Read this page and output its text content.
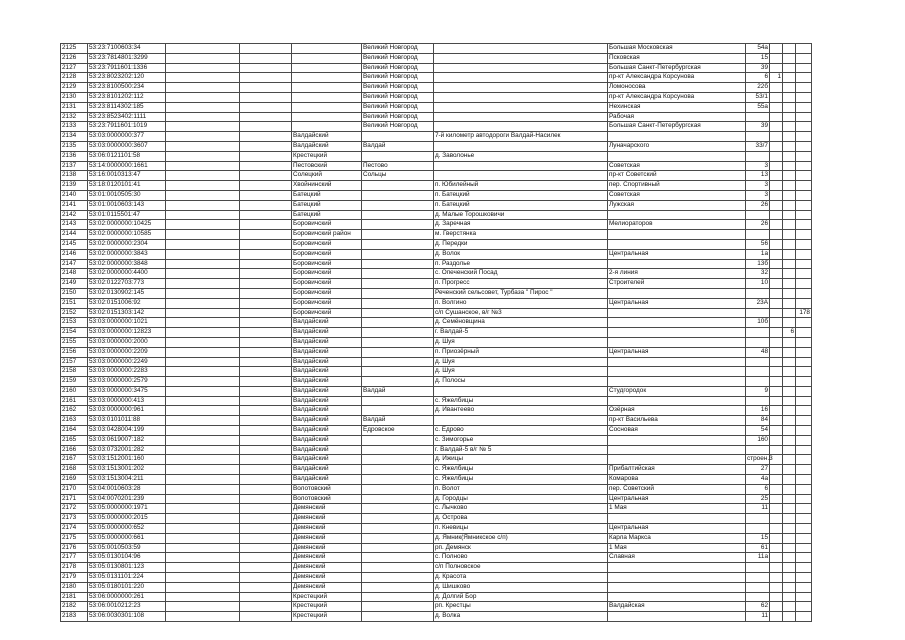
2125	53:23:7100603:34				Великий Новгород		Большая Московская	54а			
2126	53:23:7814801:3299				Великий Новгород		Псковская	15			
2127	53:23:7911601:1336				Великий Новгород		Большая Санкт-Петербургская	39			
2128	53:23:8023202:120				Великий Новгород		пр-кт Александра Корсунова	6	1		
2129	53:23:8100500:234				Великий Новгород		Ломоносова	22б			
2130	53:23:8101202:112				Великий Новгород		пр-кт Александра Корсунова	53/1			
2131	53:23:8114302:185				Великий Новгород		Нехинская	55а			
2132	53:23:8523402:1111				Великий Новгород		Рабочая				
2133	53:23:7911601:1019				Великий Новгород		Большая Санкт-Петербургская	39			
2134	53:03:0000000:377			Валдайский		7-й километр автодороги Валдай-Насилек					
2135	53:03:0000000:3607			Валдайский	Валдай		Луначарского	33/7			
2136	53:06:0121101:58			Крестецкий		д. Заволонье					
2137	53:14:0000000:1661			Пестовский	Пестово		Советская	3			
2138	53:16:0010313:47			Солецкий	Сольцы		пр-кт Советский	13			
2139	53:18:0120101:41			Хвойнинский		п. Юбилейный	пер. Спортивный	3			
2140	53:01:0010505:30			Батецкий		п. Батецкий	Советская	3			
2141	53:01:0010603:143			Батецкий		п. Батецкий	Лужская	26			
2142	53:01:0115501:47			Батецкий		д. Малые Торошковичи					
2143	53:02:0000000:10425			Боровичский		д. Заречная	Мелиораторов	26			
2144	53:02:0000000:10585			Боровичский район		м. Гверстянка					
2145	53:02:0000000:2304			Боровичский		д. Передки		56			
2146	53:02:0000000:3843			Боровичский		д. Волок	Центральная	1а			
2147	53:02:0000000:3848			Боровичский		п. Раздолье		13б			
2148	53:02:0000000:4400			Боровичский		с. Опеченский Посад	2-я линия	32			
2149	53:02:0122703:773			Боровичский		п. Прогресс	Строителей	10			
2150	53:02:0130902:145			Боровичский		Реченский сельсовет, Турбаза " Пирос "					
2151	53:02:0151006:92			Боровичский		п. Волгино	Центральная	23А			
2152	53:02:0151303:142			Боровичский		с/п Сушанское, в/г №3					178
2153	53:03:0000000:1021			Валдайский		д. Семёновщина		10б			
2154	53:03:0000000:12823			Валдайский		г. Валдай-5				6	
2155	53:03:0000000:2000			Валдайский		д. Шуя					
2156	53:03:0000000:2209			Валдайский		п. Приозёрный	Центральная	48			
2157	53:03:0000000:2249			Валдайский		д. Шуя					
2158	53:03:0000000:2283			Валдайский		д. Шуя					
2159	53:03:0000000:2579			Валдайский		д. Полосы					
2160	53:03:0000000:3475			Валдайский	Валдай		Студгородок	9			
2161	53:03:0000000:413			Валдайский		с. Яжелбицы					
2162	53:03:0000000:961			Валдайский		д. Ивантеево	Озёрная	16			
2163	53:03:0101011:88			Валдайский	Валдай		пр-кт Васильева	84			
2164	53:03:0428004:199			Валдайский	Едровское	с. Едрово	Сосновая	54			
2165	53:03:0619007:182			Валдайский		с. Зимогорье		160			
2166	53:03:0732001:282			Валдайский		г. Валдай-5 в/г № 5					
2167	53:03:1512001:160			Валдайский		д. Ижицы		строен.3			
2168	53:03:1513001:202			Валдайский		с. Яжелбицы	Прибалтийская	27			
2169	53:03:1513004:211			Валдайский		с. Яжелбицы	Комарова	4а			
2170	53:04:0010603:28			Волотовский		п. Волот	пер. Советский	6			
2171	53:04:0070201:239			Волотовский		д. Городцы	Центральная	25			
2172	53:05:0000000:1971			Демянский		с. Лычково	1 Мая	11			
2173	53:05:0000000:2015			Демянский		д. Острова					
2174	53:05:0000000:652			Демянский		п. Кневицы	Центральная				
2175	53:05:0000000:661			Демянский		д. Ямник(Ямникское с/п)	Карла Маркса	15			
2176	53:05:0010503:59			Демянский		рп. Демянск	1 Мая	61			
2177	53:05:0130104:96			Демянский		с. Полново	Славная	11а			
2178	53:05:0130801:123			Демянский		с/п Полновское					
2179	53:05:0131101:224			Демянский		д. Красота					
2180	53:05:0180101:220			Демянский		д. Шишково					
2181	53:06:0000000:261			Крестецкий		д. Долгий Бор					
2182	53:06:0010212:23			Крестецкий		рп. Крестцы	Валдайская	62			
2183	53:06:0030301:108			Крестецкий		д. Волка		11			
